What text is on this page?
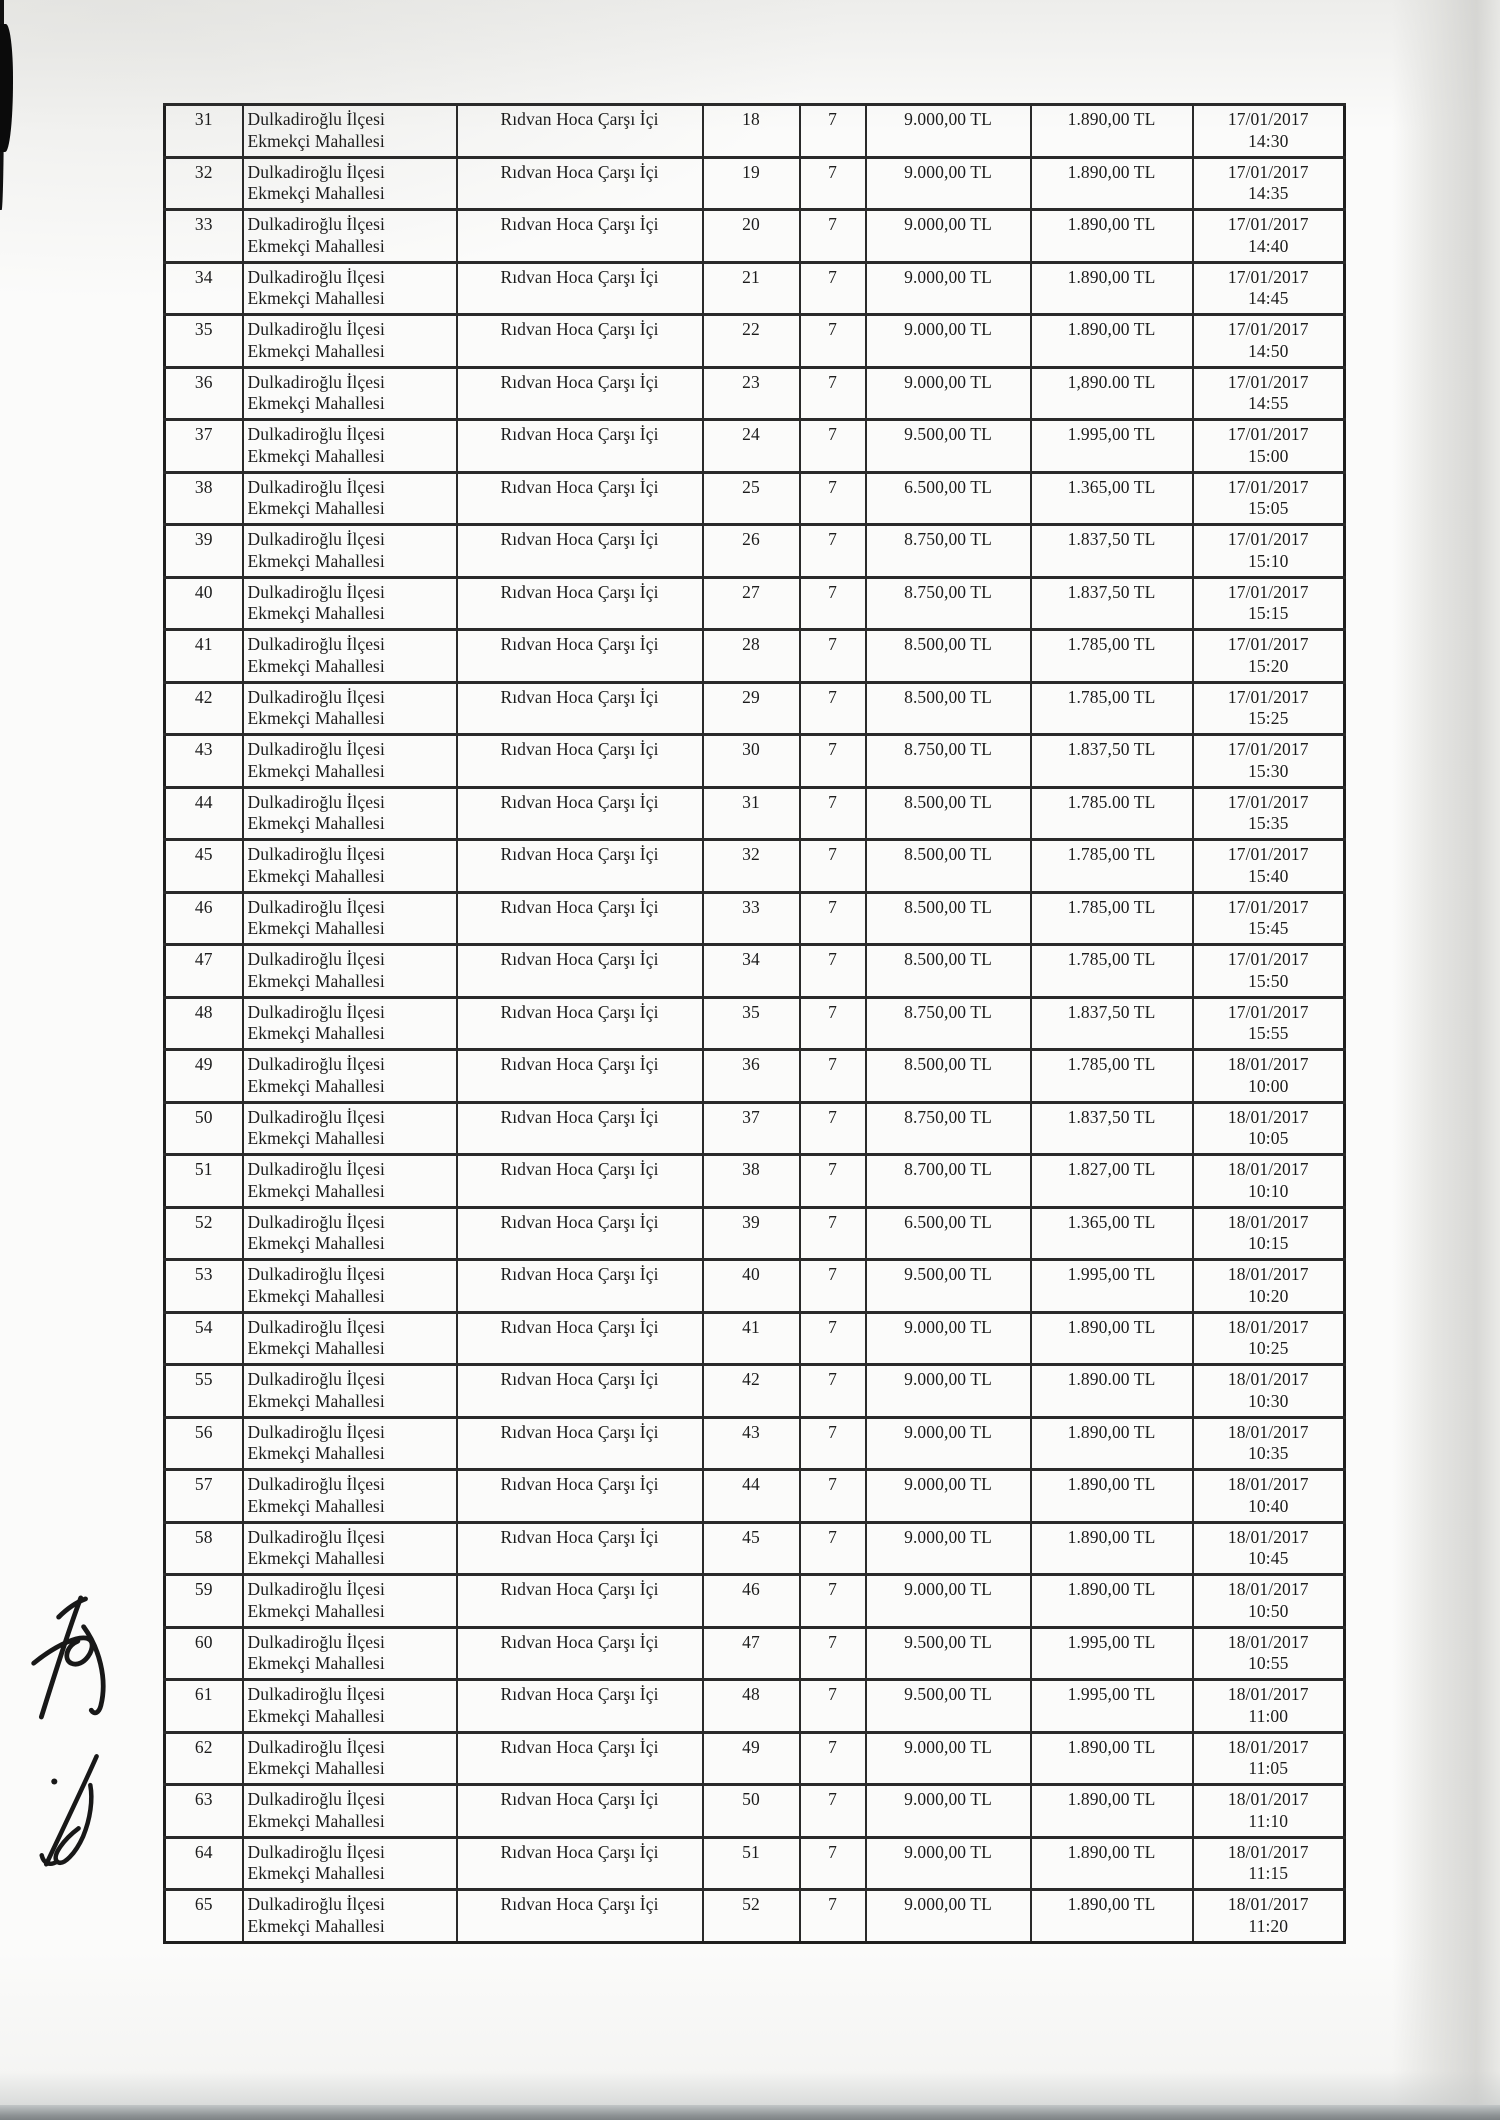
31	Dulkadiroğlu İlçesi
Ekmekçi Mahallesi
	Rıdvan Hoca Çarşı İçi	18	7	9.000,00 TL	1.890,00 TL	17/01/2017
14:30

32	Dulkadiroğlu İlçesi
Ekmekçi Mahallesi
	Rıdvan Hoca Çarşı İçi	19	7	9.000,00 TL	1.890,00 TL	17/01/2017
14:35

33	Dulkadiroğlu İlçesi
Ekmekçi Mahallesi
	Rıdvan Hoca Çarşı İçi	20	7	9.000,00 TL	1.890,00 TL	17/01/2017
14:40

34	Dulkadiroğlu İlçesi
Ekmekçi Mahallesi
	Rıdvan Hoca Çarşı İçi	21	7	9.000,00 TL	1.890,00 TL	17/01/2017
14:45

35	Dulkadiroğlu İlçesi
Ekmekçi Mahallesi
	Rıdvan Hoca Çarşı İçi	22	7	9.000,00 TL	1.890,00 TL	17/01/2017
14:50

36	Dulkadiroğlu İlçesi
Ekmekçi Mahallesi
	Rıdvan Hoca Çarşı İçi	23	7	9.000,00 TL	1,890.00 TL	17/01/2017
14:55

37	Dulkadiroğlu İlçesi
Ekmekçi Mahallesi
	Rıdvan Hoca Çarşı İçi	24	7	9.500,00 TL	1.995,00 TL	17/01/2017
15:00

38	Dulkadiroğlu İlçesi
Ekmekçi Mahallesi
	Rıdvan Hoca Çarşı İçi	25	7	6.500,00 TL	1.365,00 TL	17/01/2017
15:05

39	Dulkadiroğlu İlçesi
Ekmekçi Mahallesi
	Rıdvan Hoca Çarşı İçi	26	7	8.750,00 TL	1.837,50 TL	17/01/2017
15:10

40	Dulkadiroğlu İlçesi
Ekmekçi Mahallesi
	Rıdvan Hoca Çarşı İçi	27	7	8.750,00 TL	1.837,50 TL	17/01/2017
15:15

41	Dulkadiroğlu İlçesi
Ekmekçi Mahallesi
	Rıdvan Hoca Çarşı İçi	28	7	8.500,00 TL	1.785,00 TL	17/01/2017
15:20

42	Dulkadiroğlu İlçesi
Ekmekçi Mahallesi
	Rıdvan Hoca Çarşı İçi	29	7	8.500,00 TL	1.785,00 TL	17/01/2017
15:25

43	Dulkadiroğlu İlçesi
Ekmekçi Mahallesi
	Rıdvan Hoca Çarşı İçi	30	7	8.750,00 TL	1.837,50 TL	17/01/2017
15:30

44	Dulkadiroğlu İlçesi
Ekmekçi Mahallesi
	Rıdvan Hoca Çarşı İçi	31	7	8.500,00 TL	1.785.00 TL	17/01/2017
15:35

45	Dulkadiroğlu İlçesi
Ekmekçi Mahallesi
	Rıdvan Hoca Çarşı İçi	32	7	8.500,00 TL	1.785,00 TL	17/01/2017
15:40

46	Dulkadiroğlu İlçesi
Ekmekçi Mahallesi
	Rıdvan Hoca Çarşı İçi	33	7	8.500,00 TL	1.785,00 TL	17/01/2017
15:45

47	Dulkadiroğlu İlçesi
Ekmekçi Mahallesi
	Rıdvan Hoca Çarşı İçi	34	7	8.500,00 TL	1.785,00 TL	17/01/2017
15:50

48	Dulkadiroğlu İlçesi
Ekmekçi Mahallesi
	Rıdvan Hoca Çarşı İçi	35	7	8.750,00 TL	1.837,50 TL	17/01/2017
15:55

49	Dulkadiroğlu İlçesi
Ekmekçi Mahallesi
	Rıdvan Hoca Çarşı İçi	36	7	8.500,00 TL	1.785,00 TL	18/01/2017
10:00

50	Dulkadiroğlu İlçesi
Ekmekçi Mahallesi
	Rıdvan Hoca Çarşı İçi	37	7	8.750,00 TL	1.837,50 TL	18/01/2017
10:05

51	Dulkadiroğlu İlçesi
Ekmekçi Mahallesi
	Rıdvan Hoca Çarşı İçi	38	7	8.700,00 TL	1.827,00 TL	18/01/2017
10:10

52	Dulkadiroğlu İlçesi
Ekmekçi Mahallesi
	Rıdvan Hoca Çarşı İçi	39	7	6.500,00 TL	1.365,00 TL	18/01/2017
10:15

53	Dulkadiroğlu İlçesi
Ekmekçi Mahallesi
	Rıdvan Hoca Çarşı İçi	40	7	9.500,00 TL	1.995,00 TL	18/01/2017
10:20

54	Dulkadiroğlu İlçesi
Ekmekçi Mahallesi
	Rıdvan Hoca Çarşı İçi	41	7	9.000,00 TL	1.890,00 TL	18/01/2017
10:25

55	Dulkadiroğlu İlçesi
Ekmekçi Mahallesi
	Rıdvan Hoca Çarşı İçi	42	7	9.000,00 TL	1.890.00 TL	18/01/2017
10:30

56	Dulkadiroğlu İlçesi
Ekmekçi Mahallesi
	Rıdvan Hoca Çarşı İçi	43	7	9.000,00 TL	1.890,00 TL	18/01/2017
10:35

57	Dulkadiroğlu İlçesi
Ekmekçi Mahallesi
	Rıdvan Hoca Çarşı İçi	44	7	9.000,00 TL	1.890,00 TL	18/01/2017
10:40

58	Dulkadiroğlu İlçesi
Ekmekçi Mahallesi
	Rıdvan Hoca Çarşı İçi	45	7	9.000,00 TL	1.890,00 TL	18/01/2017
10:45

59	Dulkadiroğlu İlçesi
Ekmekçi Mahallesi
	Rıdvan Hoca Çarşı İçi	46	7	9.000,00 TL	1.890,00 TL	18/01/2017
10:50

60	Dulkadiroğlu İlçesi
Ekmekçi Mahallesi
	Rıdvan Hoca Çarşı İçi	47	7	9.500,00 TL	1.995,00 TL	18/01/2017
10:55

61	Dulkadiroğlu İlçesi
Ekmekçi Mahallesi
	Rıdvan Hoca Çarşı İçi	48	7	9.500,00 TL	1.995,00 TL	18/01/2017
11:00

62	Dulkadiroğlu İlçesi
Ekmekçi Mahallesi
	Rıdvan Hoca Çarşı İçi	49	7	9.000,00 TL	1.890,00 TL	18/01/2017
11:05

63	Dulkadiroğlu İlçesi
Ekmekçi Mahallesi
	Rıdvan Hoca Çarşı İçi	50	7	9.000,00 TL	1.890,00 TL	18/01/2017
11:10

64	Dulkadiroğlu İlçesi
Ekmekçi Mahallesi
	Rıdvan Hoca Çarşı İçi	51	7	9.000,00 TL	1.890,00 TL	18/01/2017
11:15

65	Dulkadiroğlu İlçesi
Ekmekçi Mahallesi
	Rıdvan Hoca Çarşı İçi	52	7	9.000,00 TL	1.890,00 TL	18/01/2017
11:20
